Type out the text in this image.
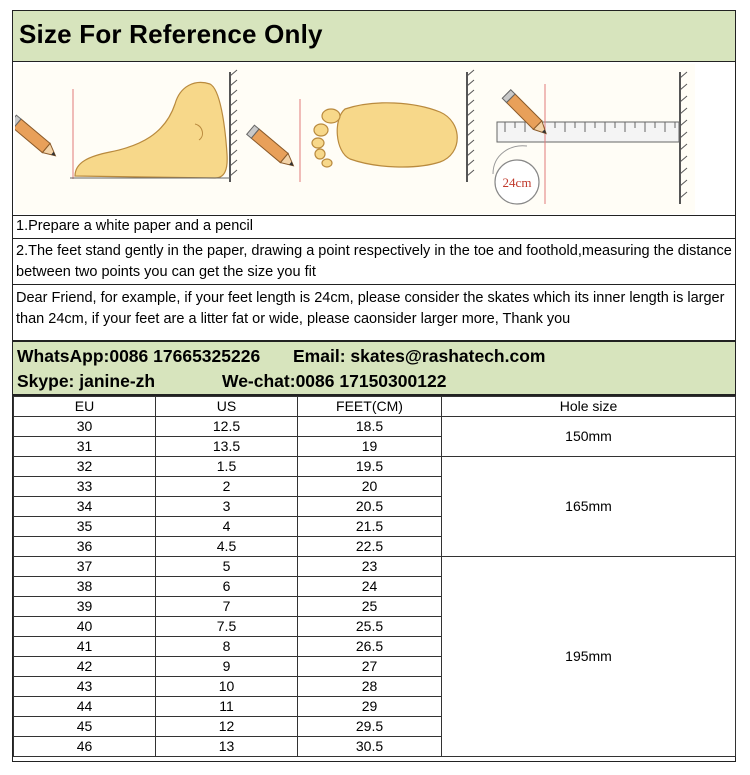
Size For Reference Only
24cm
1.Prepare a white paper and a pencil
2.The feet stand gently in the paper, drawing a point respectively in the toe and foothold,measuring the distance between two points you can get the size you fit
Dear Friend, for example, if your feet length is 24cm, please consider the skates which its inner length is larger than 24cm, if your feet are a litter fat or wide, please caonsider larger more, Thank you
WhatsApp:0086 17665325226 Email: skates@rashatech.com
Skype: janine-zh	We-chat:0086 17150300122
EU	US	FEET(CM)	Hole size
30	12.5	18.5	150mm
31	13.5	19	
32	1.5	19.5	165mm
33	2	20	
34	3	20.5	
35	4	21.5	
36	4.5	22.5	
37	5	23	195mm
38	6	24	
39	7	25	
40	7.5	25.5	
41	8	26.5	
42	9	27	
43	10	28	
44	11	29	
45	12	29.5	
46	13	30.5	
